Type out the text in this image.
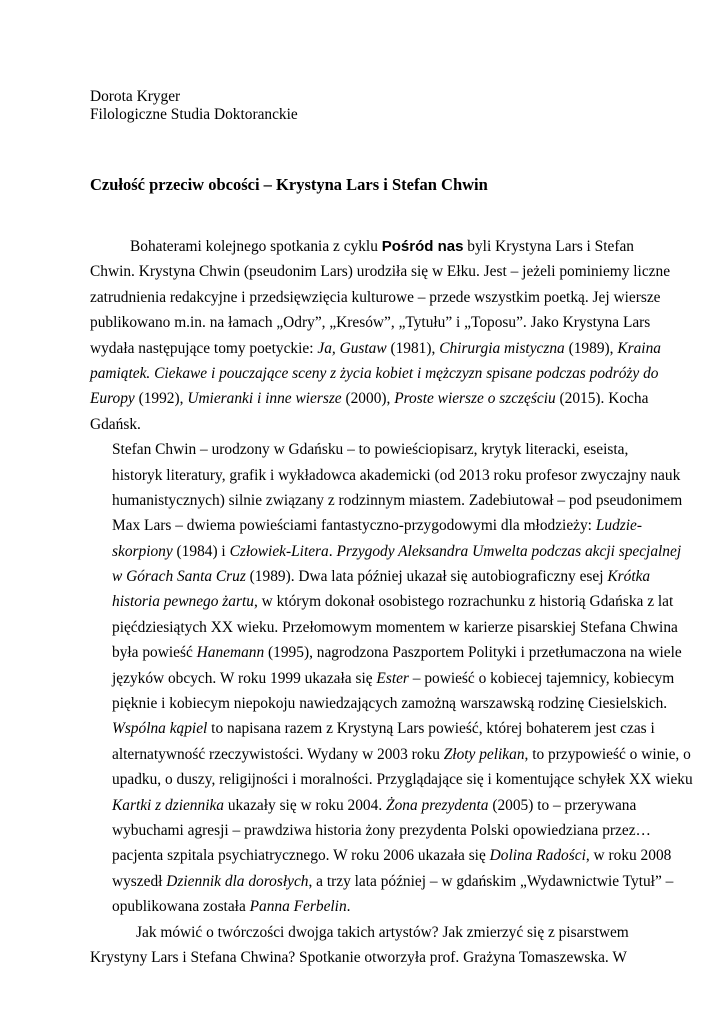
Dorota Kryger
Filologiczne Studia Doktoranckie
Czułość przeciw obcości – Krystyna Lars i Stefan Chwin
Bohaterami kolejnego spotkania z cyklu Pośród nas byli Krystyna Lars i Stefan
Chwin. Krystyna Chwin (pseudonim Lars) urodziła się w Ełku. Jest – jeżeli pominiemy liczne
zatrudnienia redakcyjne i przedsięwzięcia kulturowe – przede wszystkim poetką. Jej wiersze
publikowano m.in. na łamach „Odry”, „Kresów”, „Tytułu” i „Toposu”. Jako Krystyna Lars
wydała następujące tomy poetyckie: Ja, Gustaw (1981), Chirurgia mistyczna (1989), Kraina
pamiątek. Ciekawe i pouczające sceny z życia kobiet i mężczyzn spisane podczas podróży do
Europy (1992), Umieranki i inne wiersze (2000), Proste wiersze o szczęściu (2015). Kocha
Gdańsk.
Stefan Chwin – urodzony w Gdańsku – to powieściopisarz, krytyk literacki, eseista,
historyk literatury, grafik i wykładowca akademicki (od 2013 roku profesor zwyczajny nauk
humanistycznych) silnie związany z rodzinnym miastem. Zadebiutował – pod pseudonimem
Max Lars – dwiema powieściami fantastyczno-przygodowymi dla młodzieży: Ludzie-
skorpiony (1984) i Człowiek-Litera. Przygody Aleksandra Umwelta podczas akcji specjalnej
w Górach Santa Cruz (1989). Dwa lata później ukazał się autobiograficzny esej Krótka
historia pewnego żartu, w którym dokonał osobistego rozrachunku z historią Gdańska z lat
pięćdziesiątych XX wieku. Przełomowym momentem w karierze pisarskiej Stefana Chwina
była powieść Hanemann (1995), nagrodzona Paszportem Polityki i przetłumaczona na wiele
języków obcych. W roku 1999 ukazała się Ester – powieść o kobiecej tajemnicy, kobiecym
pięknie i kobiecym niepokoju nawiedzających zamożną warszawską rodzinę Ciesielskich.
Wspólna kąpiel to napisana razem z Krystyną Lars powieść, której bohaterem jest czas i
alternatywność rzeczywistości. Wydany w 2003 roku Złoty pelikan, to przypowieść o winie, o
upadku, o duszy, religijności i moralności. Przyglądające się i komentujące schyłek XX wieku
Kartki z dziennika ukazały się w roku 2004. Żona prezydenta (2005) to – przerywana
wybuchami agresji – prawdziwa historia żony prezydenta Polski opowiedziana przez…
pacjenta szpitala psychiatrycznego. W roku 2006 ukazała się Dolina Radości, w roku 2008
wyszedł Dziennik dla dorosłych, a trzy lata później – w gdańskim „Wydawnictwie Tytuł” –
opublikowana została Panna Ferbelin.
Jak mówić o twórczości dwojga takich artystów? Jak zmierzyć się z pisarstwem
Krystyny Lars i Stefana Chwina? Spotkanie otworzyła prof. Grażyna Tomaszewska. W
